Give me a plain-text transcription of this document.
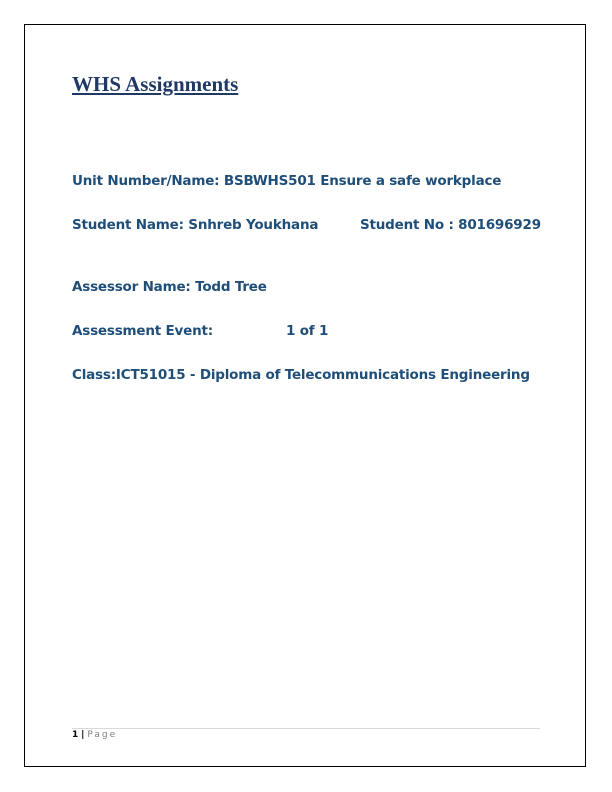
WHS Assignments
Unit Number/Name: BSBWHS501 Ensure a safe workplace
Student Name: Snhreb Youkhana	Student No : 801696929
Assessor Name: Todd Tree
Assessment Event:	1 of 1
Class:ICT51015 - Diploma of Telecommunications Engineering
1 | Page
